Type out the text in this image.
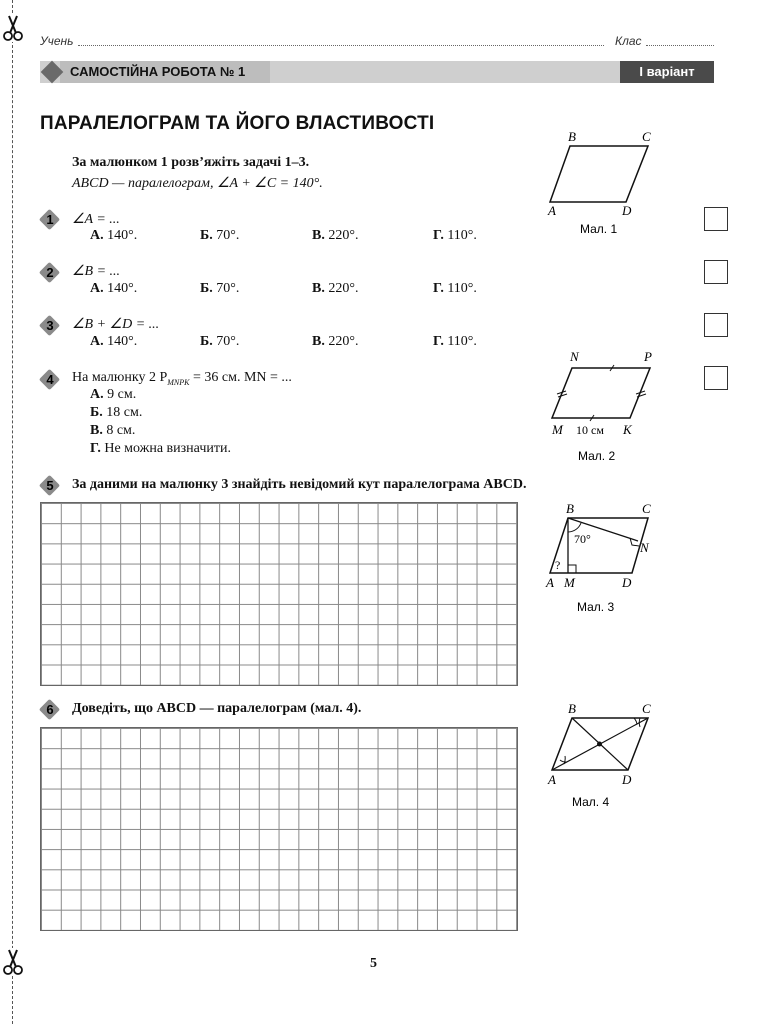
Учень	Клас
САМОСТІЙНА РОБОТА № 1	І варіант
ПАРАЛЕЛОГРАМ ТА ЙОГО ВЛАСТИВОСТІ
За малюнком 1 розв’яжіть задачі 1–3.
ABCD — паралелограм, ∠A + ∠C = 140°.
1	∠A = ...
А. 140°.	Б. 70°.	В. 220°.	Г. 110°.
2	∠B = ...
А. 140°.	Б. 70°.	В. 220°.	Г. 110°.
3	∠B + ∠D = ...
А. 140°.	Б. 70°.	В. 220°.	Г. 110°.
4	На малюнку 2 $P_{MNPK} = 36$ см. MN = ...
А. 9 см.
Б. 18 см.
В. 8 см.
Г. Не можна визначити.
5	За даними на малюнку 3 знайдіть невідомий кут паралелограма ABCD.
6	Доведіть, що ABCD — паралелограм (мал. 4).
B	C
A	D
Мал. 1
N	P
M	K
10 см
Мал. 2
B	C
N
A M	D
70°
?
Мал. 3
B	C
A	D
Мал. 4
5
